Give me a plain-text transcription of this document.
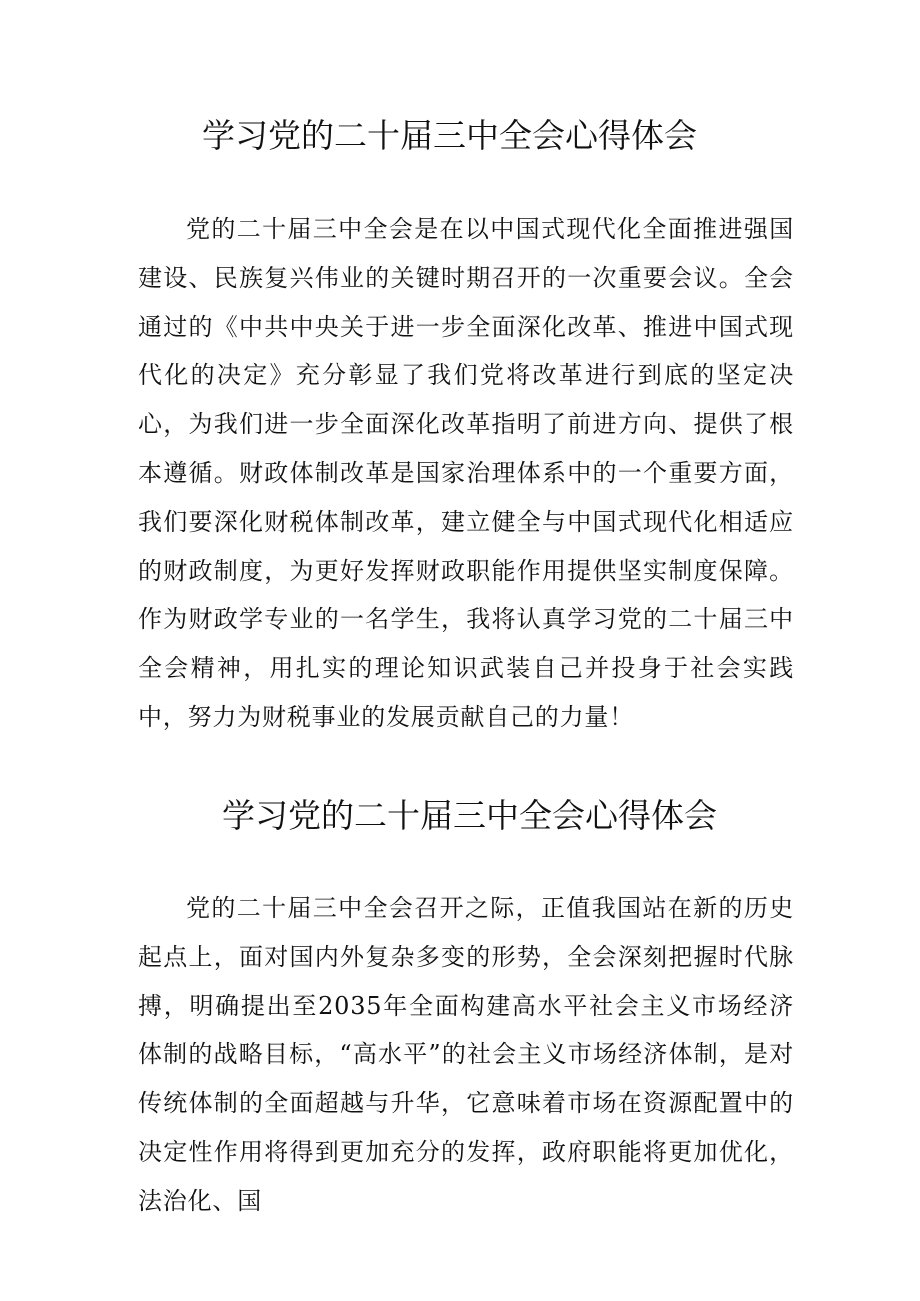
学习党的二十届三中全会心得体会

党的二十届三中全会是在以中国式现代化全面推进强国建设、民族复兴伟业的关键时期召开的一次重要会议。全会通过的《中共中央关于进一步全面深化改革、推进中国式现代化的决定》充分彰显了我们党将改革进行到底的坚定决心，为我们进一步全面深化改革指明了前进方向、提供了根本遵循。财政体制改革是国家治理体系中的一个重要方面，我们要深化财税体制改革，建立健全与中国式现代化相适应的财政制度，为更好发挥财政职能作用提供坚实制度保障。作为财政学专业的一名学生，我将认真学习党的二十届三中全会精神，用扎实的理论知识武装自己并投身于社会实践中，努力为财税事业的发展贡献自己的力量！

学习党的二十届三中全会心得体会

党的二十届三中全会召开之际，正值我国站在新的历史起点上，面对国内外复杂多变的形势，全会深刻把握时代脉搏，明确提出至2035年全面构建高水平社会主义市场经济体制的战略目标，“高水平”的社会主义市场经济体制，是对传统体制的全面超越与升华，它意味着市场在资源配置中的决定性作用将得到更加充分的发挥，政府职能将更加优化，法治化、国
